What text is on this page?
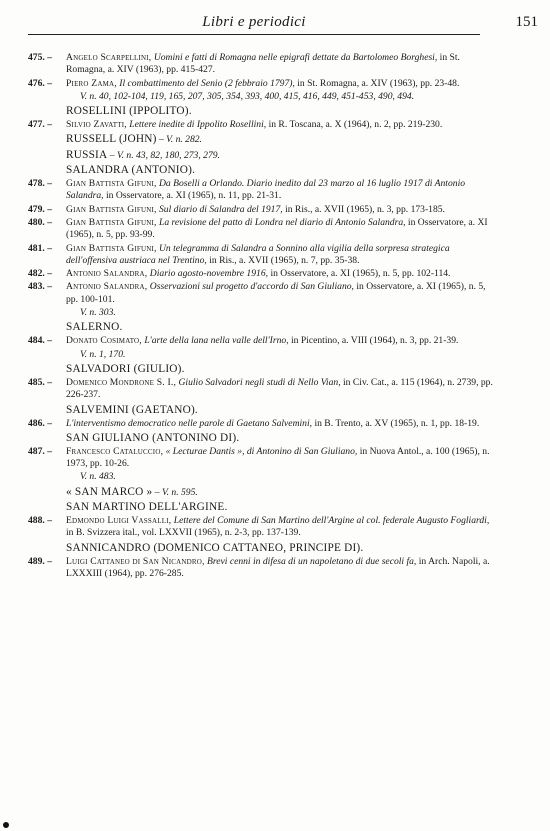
Libri e periodici	151
475. –	Angelo Scarpellini, Uomini e fatti di Romagna nelle epigrafi dettate da Bartolomeo Borghesi, in St. Romagna, a. XIV (1963), pp. 415-427.
476. –	Piero Zama, Il combattimento del Senio (2 febbraio 1797), in St. Romagna, a. XIV (1963), pp. 23-48.
V. n. 40, 102-104, 119, 165, 207, 305, 354, 393, 400, 415, 416, 449, 451-453, 490, 494.
ROSELLINI (IPPOLITO).
477. –	Silvio Zavatti, Lettere inedite di Ippolito Rosellini, in R. Toscana, a. X (1964), n. 2, pp. 219-230.
RUSSELL (JOHN) – V. n. 282.
RUSSIA – V. n. 43, 82, 180, 273, 279.
SALANDRA (ANTONIO).
478. –	Gian Battista Gifuni, Da Boselli a Orlando. Diario inedito dal 23 marzo al 16 luglio 1917 di Antonio Salandra, in Osservatore, a. XI (1965), n. 11, pp. 21-31.
479. –	Gian Battista Gifuni, Sul diario di Salandra del 1917, in Ris., a. XVII (1965), n. 3, pp. 173-185.
480. –	Gian Battista Gifuni, La revisione del patto di Londra nel diario di Antonio Salandra, in Osservatore, a. XI (1965), n. 5, pp. 93-99.
481. –	Gian Battista Gifuni, Un telegramma di Salandra a Sonnino alla vigilia della sorpresa strategica dell'offensiva austriaca nel Trentino, in Ris., a. XVII (1965), n. 7, pp. 35-38.
482. –	Antonio Salandra, Diario agosto-novembre 1916, in Osservatore, a. XI (1965), n. 5, pp. 102-114.
483. –	Antonio Salandra, Osservazioni sul progetto d'accordo di San Giuliano, in Osservatore, a. XI (1965), n. 5, pp. 100-101.
V. n. 303.
SALERNO.
484. –	Donato Cosimato, L'arte della lana nella valle dell'Irno, in Picentino, a. VIII (1964), n. 3, pp. 21-39.
V. n. 1, 170.
SALVADORI (GIULIO).
485. –	Domenico Mondrone S. I., Giulio Salvadori negli studi di Nello Vian, in Civ. Cat., a. 115 (1964), n. 2739, pp. 226-237.
SALVEMINI (GAETANO).
486. –	L'interventismo democratico nelle parole di Gaetano Salvemini, in B. Trento, a. XV (1965), n. 1, pp. 18-19.
SAN GIULIANO (ANTONINO DI).
487. –	Francesco Cataluccio, « Lecturae Dantis », di Antonino di San Giuliano, in Nuova Antol., a. 100 (1965), n. 1973, pp. 10-26.
V. n. 483.
« SAN MARCO » – V. n. 595.
SAN MARTINO DELL'ARGINE.
488. –	Edmondo Luigi Vassalli, Lettere del Comune di San Martino dell'Argine al col. federale Augusto Fogliardi, in B. Svizzera ital., vol. LXXVII (1965), n. 2-3, pp. 137-139.
SANNICANDRO (DOMENICO CATTANEO, PRINCIPE DI).
489. –	Luigi Cattaneo di San Nicandro, Brevi cenni in difesa di un napoletano di due secoli fa, in Arch. Napoli, a. LXXXIII (1964), pp. 276-285.
